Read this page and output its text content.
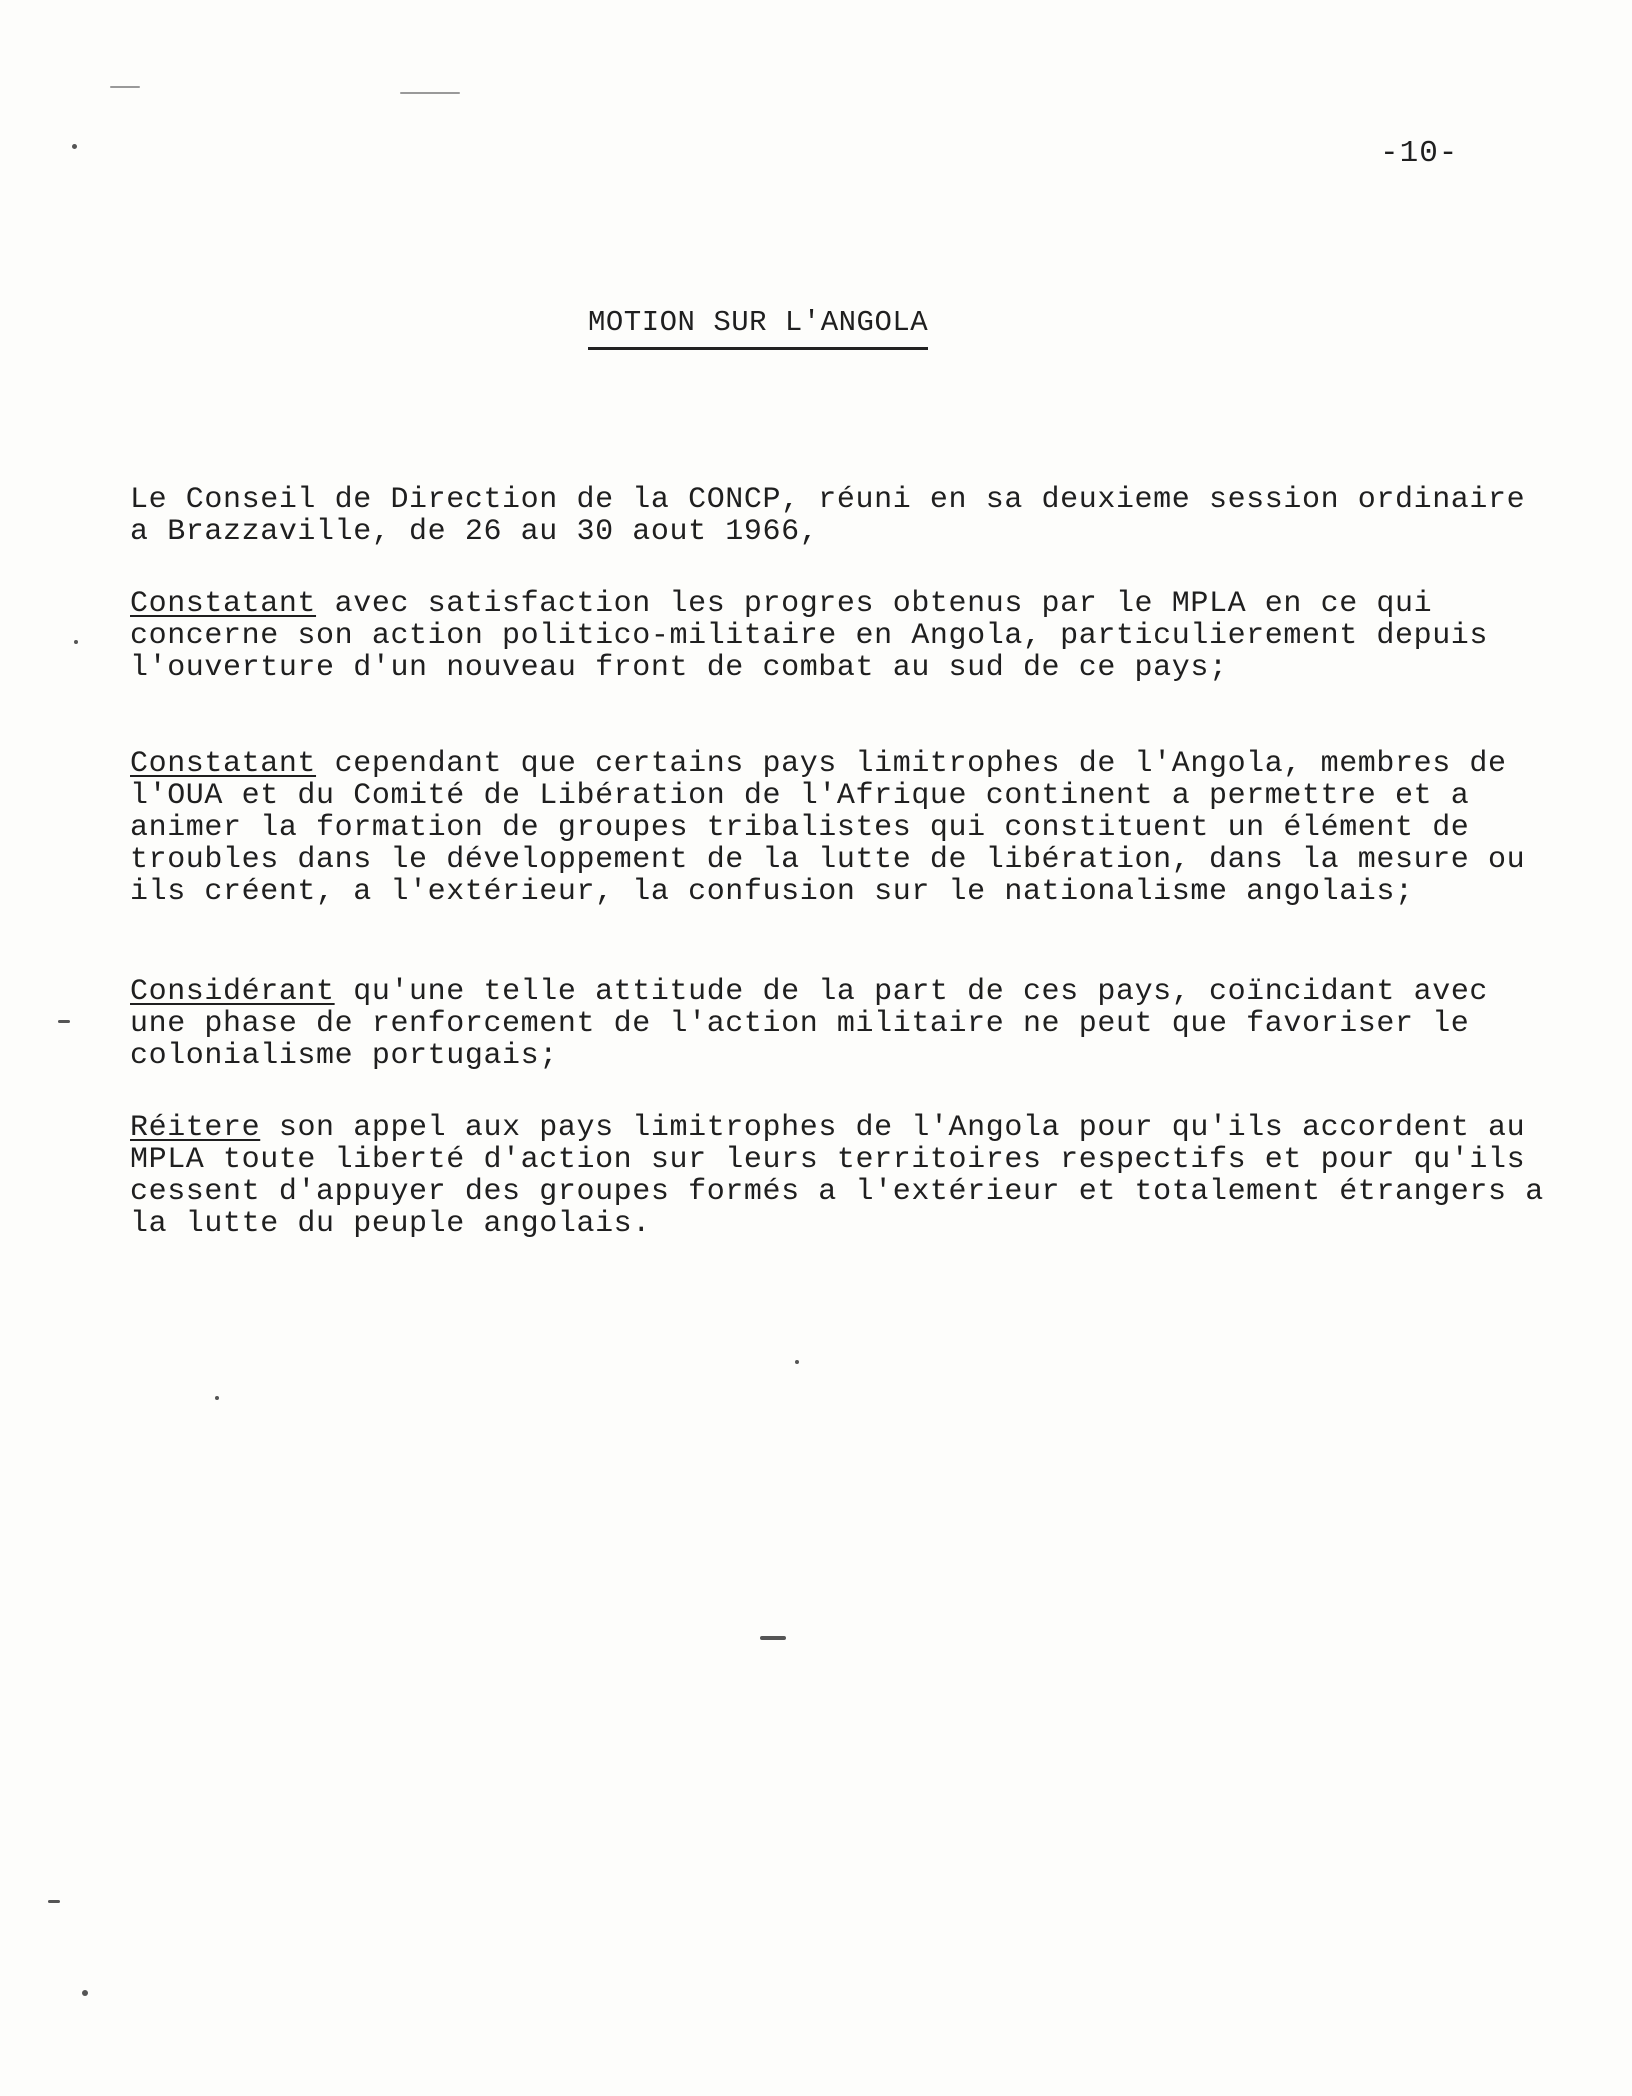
-10-
MOTION SUR L'ANGOLA

Le Conseil de Direction de la CONCP, réuni en sa deuxieme session ordinaire a Brazzaville, de 26 au 30 aout 1966,

Constatant avec satisfaction les progres obtenus par le MPLA en ce qui concerne son action politico-militaire en Angola, particulierement depuis l'ouverture d'un nouveau front de combat au sud de ce pays;

Constatant cependant que certains pays limitrophes de l'Angola, membres de l'OUA et du Comité de Libération de l'Afrique continent a permettre et a animer la formation de groupes tribalistes qui constituent un élément de troubles dans le développement de la lutte de libération, dans la mesure ou ils créent, a l'extérieur, la confusion sur le nationalisme angolais;

Considérant qu'une telle attitude de la part de ces pays, coïncidant avec une phase de renforcement de l'action militaire ne peut que favoriser le colonialisme portugais;

Réitere son appel aux pays limitrophes de l'Angola pour qu'ils accordent au MPLA toute liberté d'action sur leurs territoires respectifs et pour qu'ils cessent d'appuyer des groupes formés a l'extérieur et totalement étrangers a la lutte du peuple angolais.
